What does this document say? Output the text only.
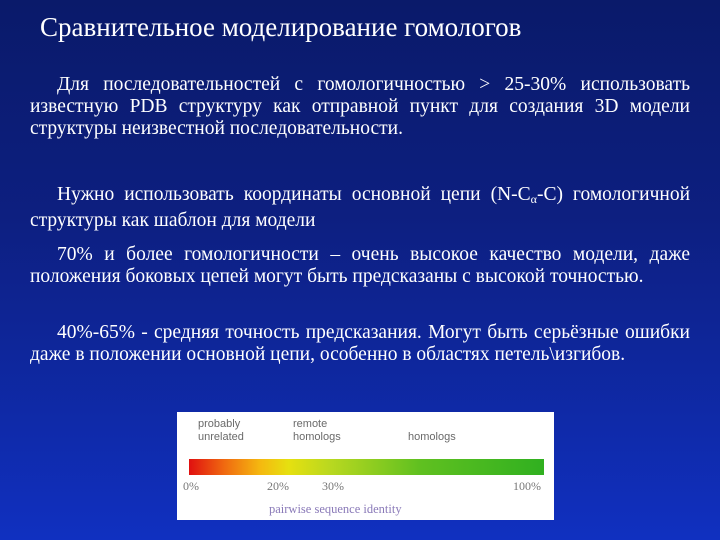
Сравнительное моделирование гомологов
Для последовательностей с гомологичностью > 25-30% использовать известную PDB структуру как отправной пункт для создания 3D модели структуры неизвестной последовательности.
Нужно использовать координаты основной цепи $(N-C_\alpha-C)$ гомологичной структуры как шаблон для модели
70% и более гомологичности – очень высокое качество модели, даже положения боковых цепей могут быть предсказаны с высокой точностью.
40%-65% - средняя точность предсказания. Могут быть серьёзные ошибки даже в положении основной цепи, особенно в областях петель\изгибов.
probably
unrelated
remote
homologs	homologs
0%	20%	30%	100%
pairwise sequence identity
